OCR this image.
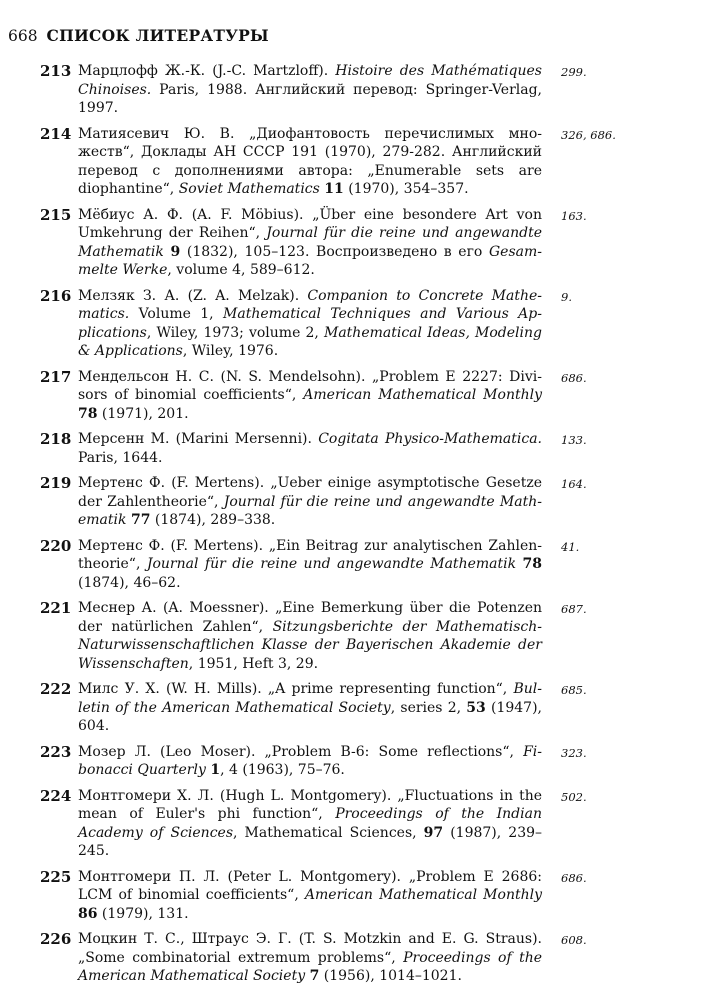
668 СПИСОК ЛИТЕРАТУРЫ
213 Марцлофф Ж.-К. (J.-C. Martzloff). Histoire des Mathématiques Chinoises. Paris, 1988. Английский перевод: Springer-Verlag, 1997.
299.
214 Матиясевич Ю. В. „Диофантовость перечислимых множеств“, Доклады АН СССР 191 (1970), 279-282. Английский перевод с дополнениями автора: „Enumerable sets are diophantine“, Soviet Mathematics 11 (1970), 354–357.
326, 686.
215 Мёбиус А. Ф. (A. F. Möbius). „Über eine besondere Art von Umkehrung der Reihen“, Journal für die reine und angewandte Mathematik 9 (1832), 105–123. Воспроизведено в его Gesammelte Werke, volume 4, 589–612.
163.
216 Мелзяк З. А. (Z. A. Melzak). Companion to Concrete Mathematics. Volume 1, Mathematical Techniques and Various Applications, Wiley, 1973; volume 2, Mathematical Ideas, Modeling & Applications, Wiley, 1976.
9.
217 Мендельсон Н. С. (N. S. Mendelsohn). „Problem E 2227: Divisors of binomial coefficients“, American Mathematical Monthly 78 (1971), 201.
686.
218 Мерсенн М. (Marini Mersenni). Cogitata Physico-Mathematica. Paris, 1644.
133.
219 Мертенс Ф. (F. Mertens). „Ueber einige asymptotische Gesetze der Zahlentheorie“, Journal für die reine und angewandte Mathematik 77 (1874), 289–338.
164.
220 Мертенс Ф. (F. Mertens). „Ein Beitrag zur analytischen Zahlentheorie“, Journal für die reine und angewandte Mathematik 78 (1874), 46–62.
41.
221 Меснер А. (A. Moessner). „Eine Bemerkung über die Potenzen der natürlichen Zahlen“, Sitzungsberichte der Mathematisch-Naturwissenschaftlichen Klasse der Bayerischen Akademie der Wissenschaften, 1951, Heft 3, 29.
687.
222 Милс У. Х. (W. H. Mills). „A prime representing function“, Bulletin of the American Mathematical Society, series 2, 53 (1947), 604.
685.
223 Мозер Л. (Leo Moser). „Problem B-6: Some reflections“, Fibonacci Quarterly 1, 4 (1963), 75–76.
323.
224 Монтгомери Х. Л. (Hugh L. Montgomery). „Fluctuations in the mean of Euler's phi function“, Proceedings of the Indian Academy of Sciences, Mathematical Sciences, 97 (1987), 239–245.
502.
225 Монтгомери П. Л. (Peter L. Montgomery). „Problem E 2686: LCM of binomial coefficients“, American Mathematical Monthly 86 (1979), 131.
686.
226 Моцкин Т. С., Штраус Э. Г. (T. S. Motzkin and E. G. Straus). „Some combinatorial extremum problems“, Proceedings of the American Mathematical Society 7 (1956), 1014–1021.
608.
